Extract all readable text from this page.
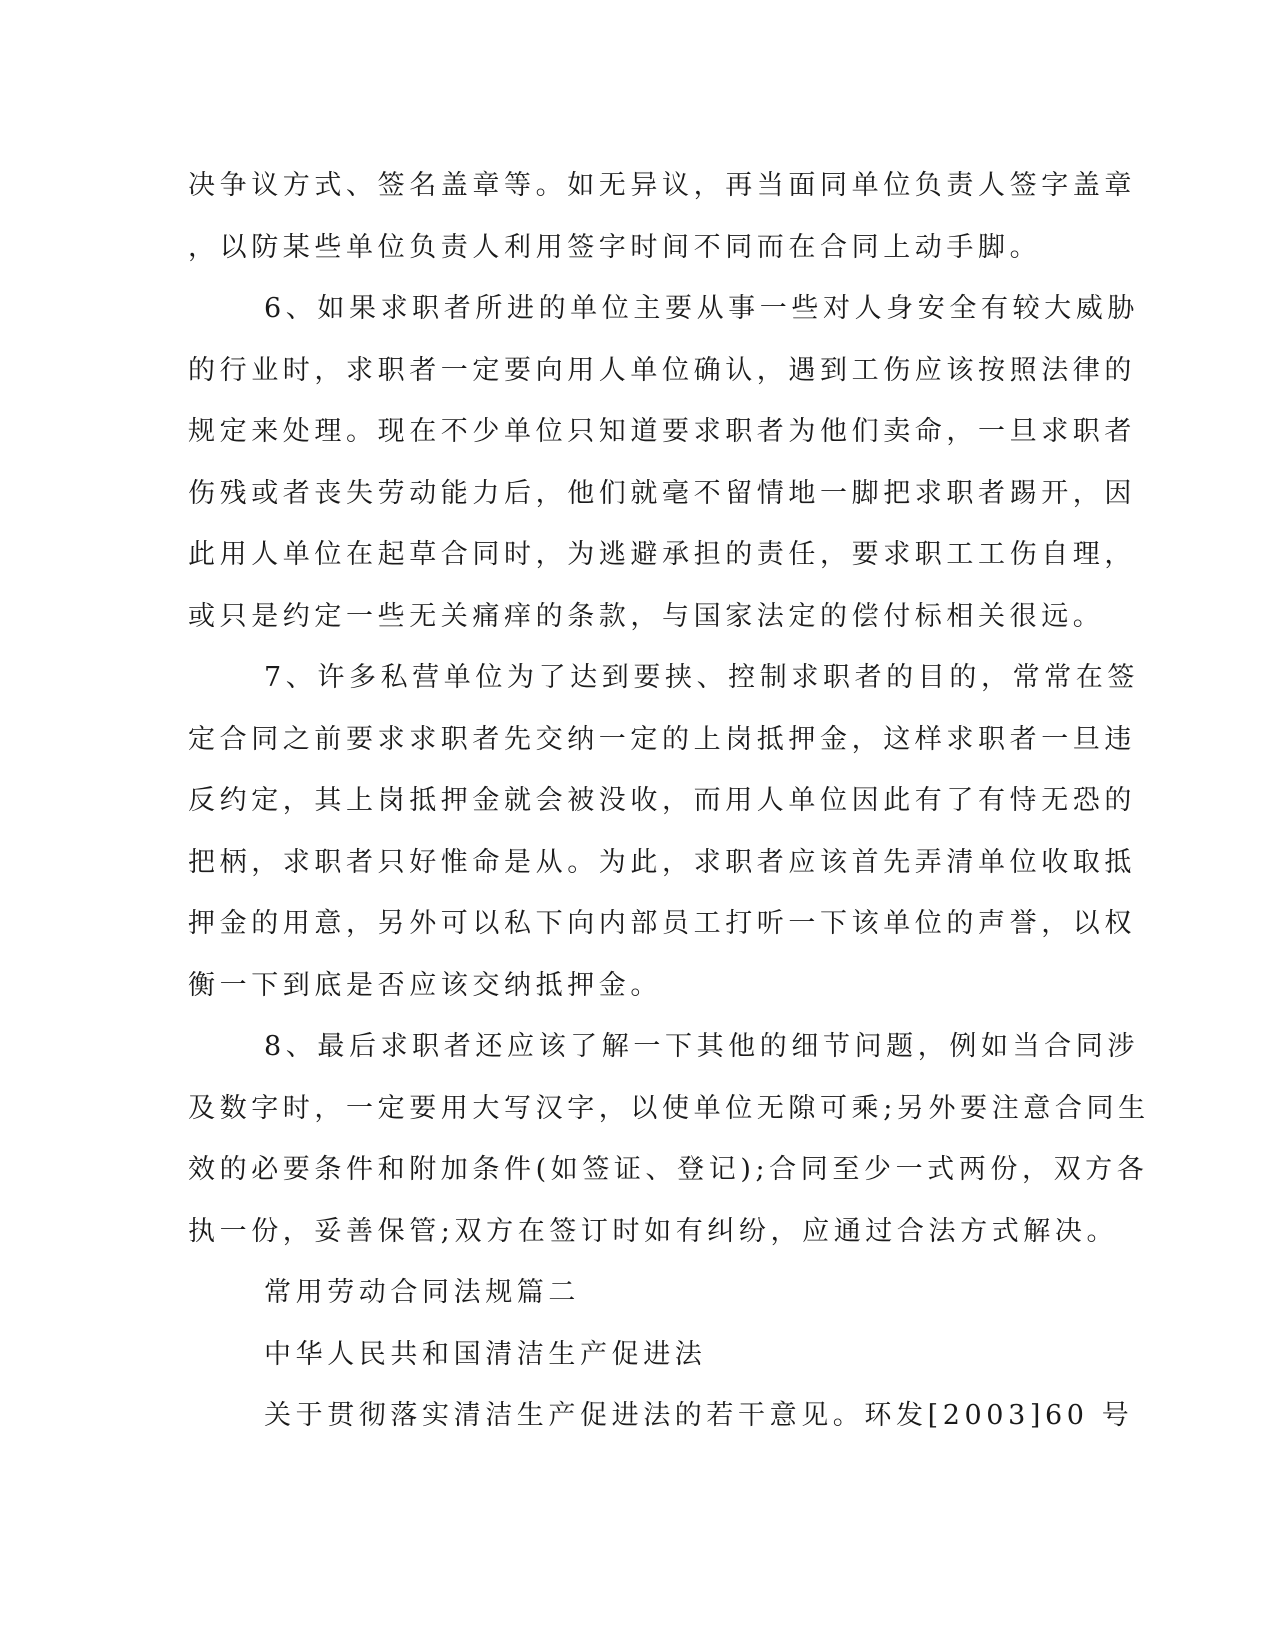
决争议方式、签名盖章等。如无异议，再当面同单位负责人签字盖章
，以防某些单位负责人利用签字时间不同而在合同上动手脚。
6、如果求职者所进的单位主要从事一些对人身安全有较大威胁
的行业时，求职者一定要向用人单位确认，遇到工伤应该按照法律的
规定来处理。现在不少单位只知道要求职者为他们卖命，一旦求职者
伤残或者丧失劳动能力后，他们就毫不留情地一脚把求职者踢开，因
此用人单位在起草合同时，为逃避承担的责任，要求职工工伤自理，
或只是约定一些无关痛痒的条款，与国家法定的偿付标相关很远。
7、许多私营单位为了达到要挟、控制求职者的目的，常常在签
定合同之前要求求职者先交纳一定的上岗抵押金，这样求职者一旦违
反约定，其上岗抵押金就会被没收，而用人单位因此有了有恃无恐的
把柄，求职者只好惟命是从。为此，求职者应该首先弄清单位收取抵
押金的用意，另外可以私下向内部员工打听一下该单位的声誉，以权
衡一下到底是否应该交纳抵押金。
8、最后求职者还应该了解一下其他的细节问题，例如当合同涉
及数字时，一定要用大写汉字，以使单位无隙可乘;另外要注意合同生
效的必要条件和附加条件(如签证、登记);合同至少一式两份，双方各
执一份，妥善保管;双方在签订时如有纠纷，应通过合法方式解决。
常用劳动合同法规篇二
中华人民共和国清洁生产促进法
关于贯彻落实清洁生产促进法的若干意见。环发[2003]60 号
